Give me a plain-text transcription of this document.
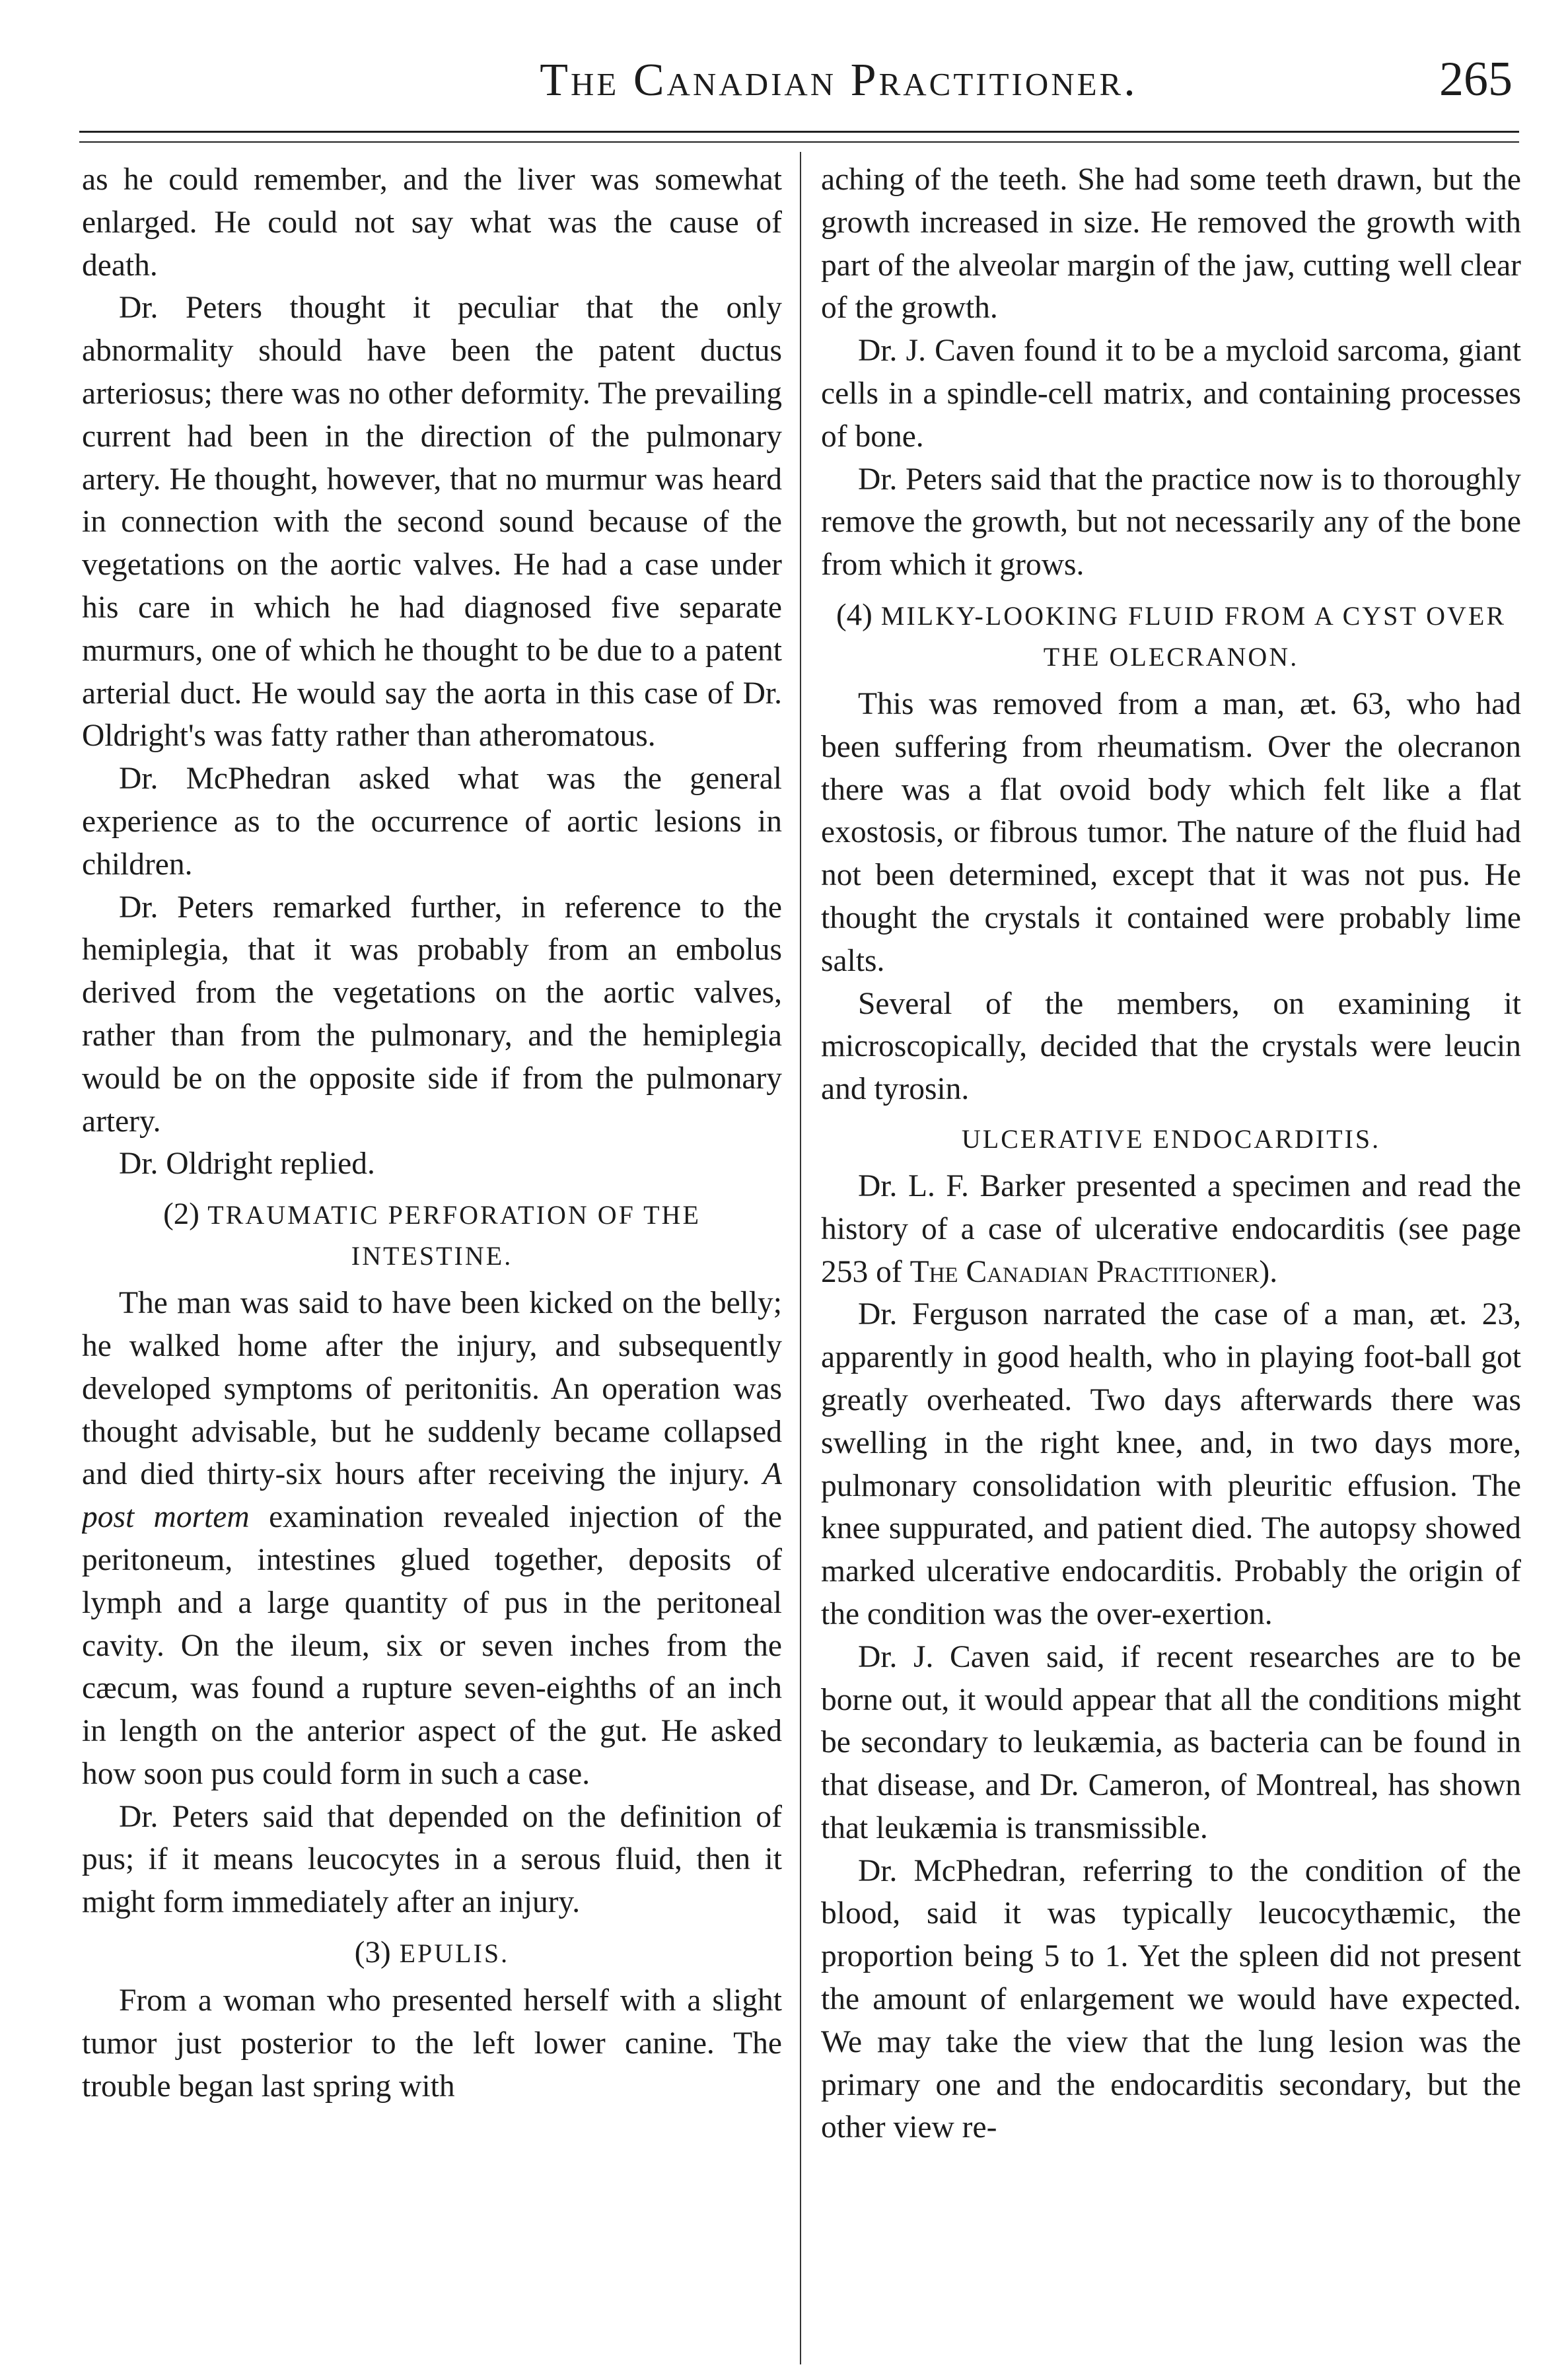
The Canadian Practitioner.	265

as he could remember, and the liver was somewhat enlarged. He could not say what was the cause of death.

Dr. Peters thought it peculiar that the only abnormality should have been the patent ductus arteriosus; there was no other deformity. The prevailing current had been in the direction of the pulmonary artery. He thought, however, that no murmur was heard in connection with the second sound because of the vegetations on the aortic valves. He had a case under his care in which he had diagnosed five separate murmurs, one of which he thought to be due to a patent arterial duct. He would say the aorta in this case of Dr. Oldright's was fatty rather than atheromatous.

Dr. McPhedran asked what was the general experience as to the occurrence of aortic lesions in children.

Dr. Peters remarked further, in reference to the hemiplegia, that it was probably from an embolus derived from the vegetations on the aortic valves, rather than from the pulmonary, and the hemiplegia would be on the opposite side if from the pulmonary artery.

Dr. Oldright replied.

(2) TRAUMATIC PERFORATION OF THE INTESTINE.

The man was said to have been kicked on the belly; he walked home after the injury, and subsequently developed symptoms of peritonitis. An operation was thought advisable, but he suddenly became collapsed and died thirty-six hours after receiving the injury. A post mortem examination revealed injection of the peritoneum, intestines glued together, deposits of lymph and a large quantity of pus in the peritoneal cavity. On the ileum, six or seven inches from the cæcum, was found a rupture seven-eighths of an inch in length on the anterior aspect of the gut. He asked how soon pus could form in such a case.

Dr. Peters said that depended on the definition of pus; if it means leucocytes in a serous fluid, then it might form immediately after an injury.

(3) EPULIS.

From a woman who presented herself with a slight tumor just posterior to the left lower canine. The trouble began last spring with

aching of the teeth. She had some teeth drawn, but the growth increased in size. He removed the growth with part of the alveolar margin of the jaw, cutting well clear of the growth.

Dr. J. Caven found it to be a mycloid sarcoma, giant cells in a spindle-cell matrix, and containing processes of bone.

Dr. Peters said that the practice now is to thoroughly remove the growth, but not necessarily any of the bone from which it grows.

(4) MILKY-LOOKING FLUID FROM A CYST OVER THE OLECRANON.

This was removed from a man, æt. 63, who had been suffering from rheumatism. Over the olecranon there was a flat ovoid body which felt like a flat exostosis, or fibrous tumor. The nature of the fluid had not been determined, except that it was not pus. He thought the crystals it contained were probably lime salts.

Several of the members, on examining it microscopically, decided that the crystals were leucin and tyrosin.

ULCERATIVE ENDOCARDITIS.

Dr. L. F. Barker presented a specimen and read the history of a case of ulcerative endocarditis (see page 253 of The Canadian Practitioner).

Dr. Ferguson narrated the case of a man, æt. 23, apparently in good health, who in playing foot-ball got greatly overheated. Two days afterwards there was swelling in the right knee, and, in two days more, pulmonary consolidation with pleuritic effusion. The knee suppurated, and patient died. The autopsy showed marked ulcerative endocarditis. Probably the origin of the condition was the over-exertion.

Dr. J. Caven said, if recent researches are to be borne out, it would appear that all the conditions might be secondary to leukæmia, as bacteria can be found in that disease, and Dr. Cameron, of Montreal, has shown that leukæmia is transmissible.

Dr. McPhedran, referring to the condition of the blood, said it was typically leucocythæmic, the proportion being 5 to 1. Yet the spleen did not present the amount of enlargement we would have expected. We may take the view that the lung lesion was the primary one and the endocarditis secondary, but the other view re-
